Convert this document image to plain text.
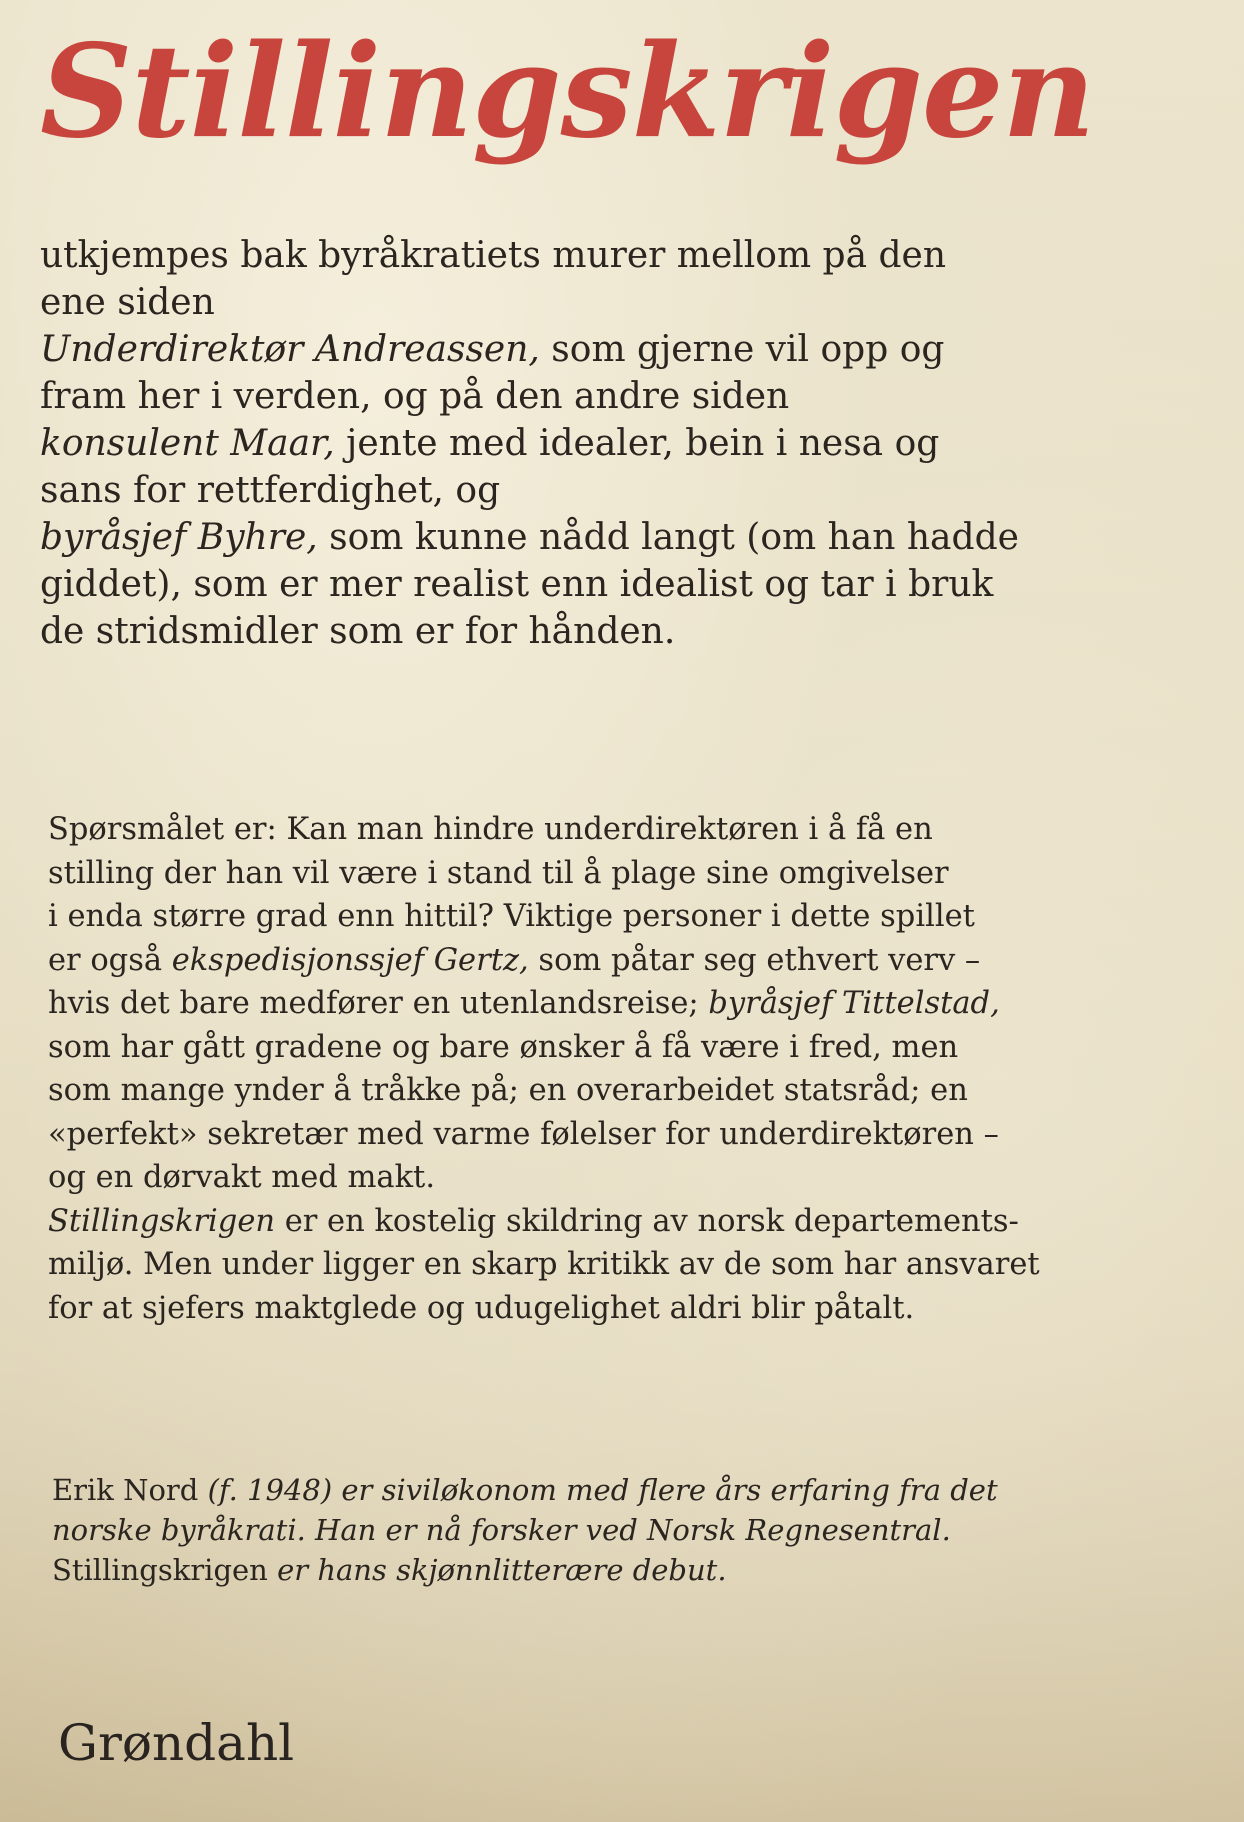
Stillingskrigen

utkjempes bak byråkratiets murer mellom på den
ene siden
Underdirektør Andreassen, som gjerne vil opp og
fram her i verden, og på den andre siden
konsulent Maar, jente med idealer, bein i nesa og
sans for rettferdighet, og
byråsjef Byhre, som kunne nådd langt (om han hadde
giddet), som er mer realist enn idealist og tar i bruk
de stridsmidler som er for hånden.

Spørsmålet er: Kan man hindre underdirektøren i å få en
stilling der han vil være i stand til å plage sine omgivelser
i enda større grad enn hittil? Viktige personer i dette spillet
er også ekspedisjonssjef Gertz, som påtar seg ethvert verv –
hvis det bare medfører en utenlandsreise; byråsjef Tittelstad,
som har gått gradene og bare ønsker å få være i fred, men
som mange ynder å tråkke på; en overarbeidet statsråd; en
«perfekt» sekretær med varme følelser for underdirektøren –
og en dørvakt med makt.
Stillingskrigen er en kostelig skildring av norsk departements-
miljø. Men under ligger en skarp kritikk av de som har ansvaret
for at sjefers maktglede og udugelighet aldri blir påtalt.

Erik Nord (f. 1948) er siviløkonom med flere års erfaring fra det
norske byråkrati. Han er nå forsker ved Norsk Regnesentral.
Stillingskrigen er hans skjønnlitterære debut.

Grøndahl
